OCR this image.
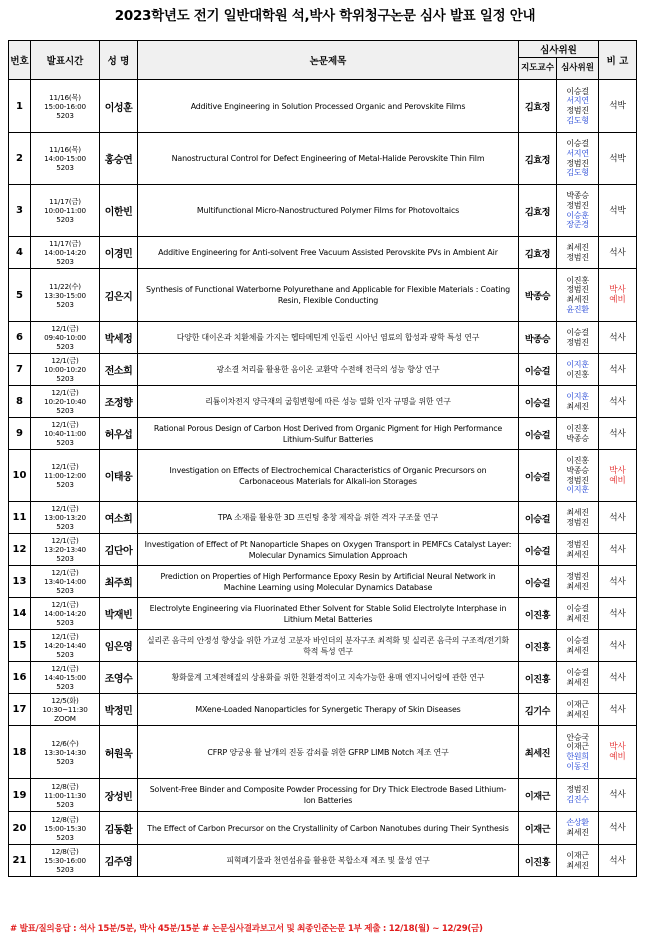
2023학년도 전기 일반대학원 석,박사 학위청구논문 심사 발표 일정 안내
번호	발표시간	성 명	논문제목	심사위원		비 고
				지도교수	심사위원	
1	11/16(목)
15:00-16:00
5203	이성훈	Additive Engineering in Solution Processed Organic and Perovskite Films	김효정	이승걸
서지연
정범진
김도형	석박

2	11/16(목)
14:00-15:00
5203	홍승연	Nanostructural Control for Defect Engineering of Metal-Halide Perovskite Thin Film	김효정	이승걸
서지연
정범진
김도형	석박

3	11/17(금)
10:00-11:00
5203	이한빈	Multifunctional Micro-Nanostructured Polymer Films for Photovoltaics	김효정	박종승
정범진
이승훈
장준경	석박

4	11/17(금)
14:00-14:20
5203	이경민	Additive Engineering for Anti-solvent Free Vacuum Assisted Perovskite PVs in Ambient Air	김효정	최세진
정범진	석사

5	11/22(수)
13:30-15:00
5203	김은지	Synthesis of Functional Waterborne Polyurethane and Applicable for Flexible Materials : Coating Resin, Flexible Conducting	박종승	이진홍
정범진
최세진
윤진환	박사
예비

6	12/1(금)
09:40-10:00
5203	박세정	다양한 대이온과 치환체를 가지는 헵타메틴계 인돌린 시아닌 염료의 합성과 광학 특성 연구	박종승	이승걸
정범진	석사

7	12/1(금)
10:00-10:20
5203	전소희	광소결 처리를 활용한 음이온 교환막 수전해 전극의 성능 향상 연구	이승걸	이지훈
이진홍	석사

8	12/1(금)
10:20-10:40
5203	조정향	리튬이차전지 양극재의 굽힘변형에 따른 성능 열화 인자 규명을 위한 연구	이승걸	이지훈
최세진	석사

9	12/1(금)
10:40-11:00
5203	허우섭	Rational Porous Design of Carbon Host Derived from Organic Pigment for High Performance Lithium-Sulfur Batteries	이승걸	이진홍
박종승	석사

10	12/1(금)
11:00-12:00
5203	이태웅	Investigation on Effects of Electrochemical Characteristics of Organic Precursors on Carbonaceous Materials for Alkali-ion Storages	이승걸	이진홍
박종승
정범진
이지훈	박사
예비

11	12/1(금)
13:00-13:20
5203	여소희	TPA 소재를 활용한 3D 프린팅 충창 제작을 위한 격자 구조물 연구	이승걸	최세진
정범진	석사

12	12/1(금)
13:20-13:40
5203	김단아	Investigation of Effect of Pt Nanoparticle Shapes on Oxygen Transport in PEMFCs Catalyst Layer: Molecular Dynamics Simulation Approach	이승걸	정범진
최세진	석사

13	12/1(금)
13:40-14:00
5203	최주희	Prediction on Properties of High Performance Epoxy Resin by Artificial Neural Network in Machine Learning using Molecular Dynamics Database	이승걸	정범진
최세진	석사

14	12/1(금)
14:00-14:20
5203	박재빈	Electrolyte Engineering via Fluorinated Ether Solvent for Stable Solid Electrolyte Interphase in Lithium Metal Batteries	이진홍	이승걸
최세진	석사

15	12/1(금)
14:20-14:40
5203	임은영	실리콘 음극의 안정성 향상을 위한 가교성 고분자 바인더의 분자구조 최적화 및 실리콘 음극의 구조적/전기화학적 특성 연구	이진홍	이승걸
최세진	석사

16	12/1(금)
14:40-15:00
5203	조영수	황화물계 고체전해질의 상용화를 위한 친환경적이고 지속가능한 용매 엔지니어링에 관한 연구	이진홍	이승걸
최세진	석사

17	12/5(화)
10:30~11:30
ZOOM	박정민	MXene-Loaded Nanoparticles for Synergetic Therapy of Skin Diseases	김기수	이재근
최세진	석사

18	12/6(수)
13:30-14:30
5203	허원욱	CFRP 양궁용 활 날개의 진동 감쇠를 위한 GFRP LIMB Notch 제조 연구	최세진	안승국
이재근
한원희
이동진	박사
예비

19	12/8(금)
11:00-11:30
5203	장성빈	Solvent-Free Binder and Composite Powder Processing for Dry Thick Electrode Based Lithium-Ion Batteries	이재근	정범진
김진수	석사

20	12/8(금)
15:00-15:30
5203	김동환	The Effect of Carbon Precursor on the Crystallinity of Carbon Nanotubes during Their Synthesis	이재근	손상환
최세진	석사

21	12/8(금)
15:30-16:00
5203	김주영	피혁폐기물과 천연섬유를 활용한 복합소재 제조 및 물성 연구	이진홍	이재근
최세진	석사
# 발표/질의응답 : 석사 15분/5분, 박사 45분/15분 # 논문심사결과보고서 및 최종인준논문 1부 제출 : 12/18(월) ~ 12/29(금)
